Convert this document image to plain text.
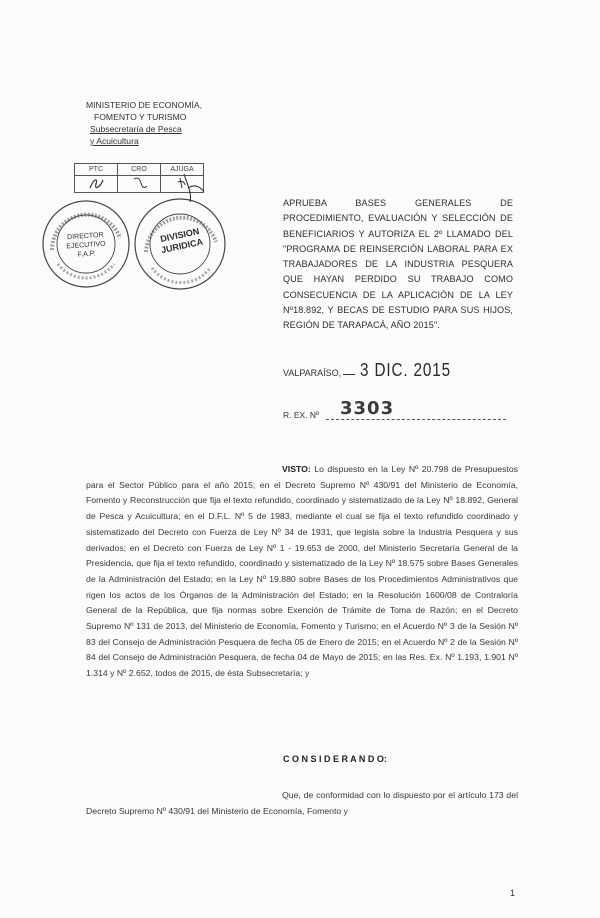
MINISTERIO DE ECONOMÍA,
FOMENTO Y TURISMO
Subsecretaría de Pesca
y Acuicultura
PTC	CRO	AJUGA

DIRECTOR EJECUTIVO F.A.P.
DIVISION JURIDICA
APRUEBA BASES GENERALES DE PROCEDIMIENTO, EVALUACIÓN Y SELECCIÓN DE BENEFICIARIOS Y AUTORIZA EL 2º LLAMADO DEL "PROGRAMA DE REINSERCIÓN LABORAL PARA EX TRABAJADORES DE LA INDUSTRIA PESQUERA QUE HAYAN PERDIDO SU TRABAJO COMO CONSECUENCIA DE LA APLICACIÓN DE LA LEY Nº18.892, Y BECAS DE ESTUDIO PARA SUS HIJOS, REGIÓN DE TARAPACÁ, AÑO 2015".
VALPARAÍSO, 3 DIC. 2015
R. EX. Nº 3303
VISTO: Lo dispuesto en la Ley Nº 20.798 de Presupuestos para el Sector Público para el año 2015; en el Decreto Supremo Nº 430/91 del Ministerio de Economía, Fomento y Reconstrucción que fija el texto refundido, coordinado y sistematizado de la Ley Nº 18.892, General de Pesca y Acuicultura; en el D.F.L. Nº 5 de 1983, mediante el cual se fija el texto refundido coordinado y sistematizado del Decreto con Fuerza de Ley Nº 34 de 1931, que legisla sobre la Industria Pesquera y sus derivados; en el Decreto con Fuerza de Ley Nº 1 - 19.653 de 2000, del Ministerio Secretaría General de la Presidencia, que fija el texto refundido, coordinado y sistematizado de la Ley Nº 18.575 sobre Bases Generales de la Administración del Estado; en la Ley Nº 19.880 sobre Bases de los Procedimientos Administrativos que rigen los actos de los Órganos de la Administración del Estado; en la Resolución 1600/08 de Contraloría General de la República, que fija normas sobre Exención de Trámite de Toma de Razón; en el Decreto Supremo Nº 131 de 2013, del Ministerio de Economía, Fomento y Turismo; en el Acuerdo Nº 3 de la Sesión Nº 83 del Consejo de Administración Pesquera de fecha 05 de Enero de 2015; en el Acuerdo Nº 2 de la Sesión Nº 84 del Consejo de Administración Pesquera, de fecha 04 de Mayo de 2015; en las Res. Ex. Nº 1.193, 1.901 Nº 1.314 y Nº 2.652, todos de 2015, de ésta Subsecretaría; y
C O N S I D E R A N D O:
Que, de conformidad con lo dispuesto por el artículo 173 del Decreto Supremo Nº 430/91 del Ministerio de Economía, Fomento y
1
